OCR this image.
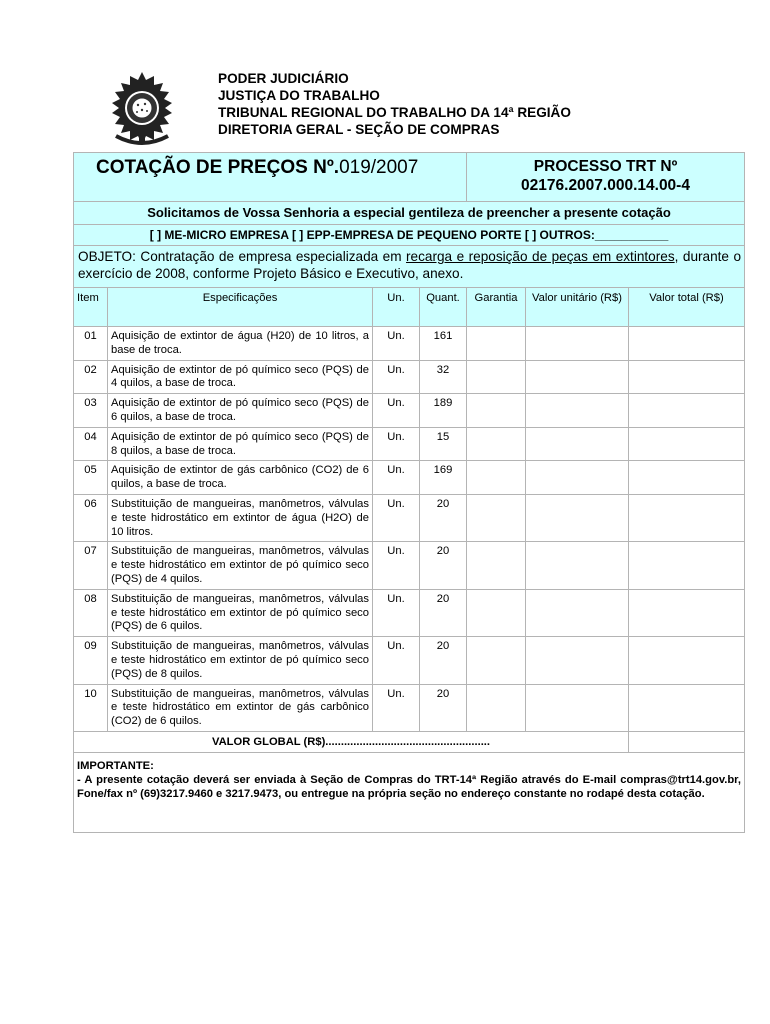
PODER JUDICIÁRIO
JUSTIÇA DO TRABALHO
TRIBUNAL REGIONAL DO TRABALHO DA 14ª REGIÃO
DIRETORIA GERAL - SEÇÃO DE COMPRAS
COTAÇÃO DE PREÇOS Nº.019/2007				PROCESSO TRT Nº
02176.2007.000.14.00-4		

Solicitamos de Vossa Senhoria a especial gentileza de preencher a presente cotação						
[ ] ME-MICRO EMPRESA [ ] EPP-EMPRESA DE PEQUENO PORTE [ ] OUTROS:___________						
OBJETO: Contratação de empresa especializada em recarga e reposição de peças em extintores, durante o exercício de 2008, conforme Projeto Básico e Executivo, anexo.						
Item	Especificações	Un.	Quant.	Garantia	Valor unitário (R$)	Valor total (R$)
01	Aquisição de extintor de água (H20) de 10 litros, a base de troca.	Un.	161			
02	Aquisição de extintor de pó químico seco (PQS) de 4 quilos, a base de troca.	Un.	32			
03	Aquisição de extintor de pó químico seco (PQS) de 6 quilos, a base de troca.	Un.	189			
04	Aquisição de extintor de pó químico seco (PQS) de 8 quilos, a base de troca.	Un.	15			
05	Aquisição de extintor de gás carbônico (CO2) de 6 quilos, a base de troca.	Un.	169			
06	Substituição de mangueiras, manômetros, válvulas e teste hidrostático em extintor de água (H2O) de 10 litros.	Un.	20			
07	Substituição de mangueiras, manômetros, válvulas e teste hidrostático em extintor de pó químico seco (PQS) de 4 quilos.	Un.	20			
08	Substituição de mangueiras, manômetros, válvulas e teste hidrostático em extintor de pó químico seco (PQS) de 6 quilos.	Un.	20			
09	Substituição de mangueiras, manômetros, válvulas e teste hidrostático em extintor de pó químico seco (PQS) de 8 quilos.	Un.	20			
10	Substituição de mangueiras, manômetros, válvulas e teste hidrostático em extintor de gás carbônico (CO2) de 6 quilos.	Un.	20			
VALOR GLOBAL (R$).....................................................						

IMPORTANTE:
- A presente cotação deverá ser enviada à Seção de Compras do TRT-14ª Região através do E-mail compras@trt14.gov.br, Fone/fax nº (69)3217.9460 e 3217.9473, ou entregue na própria seção no endereço constante no rodapé desta cotação.						
